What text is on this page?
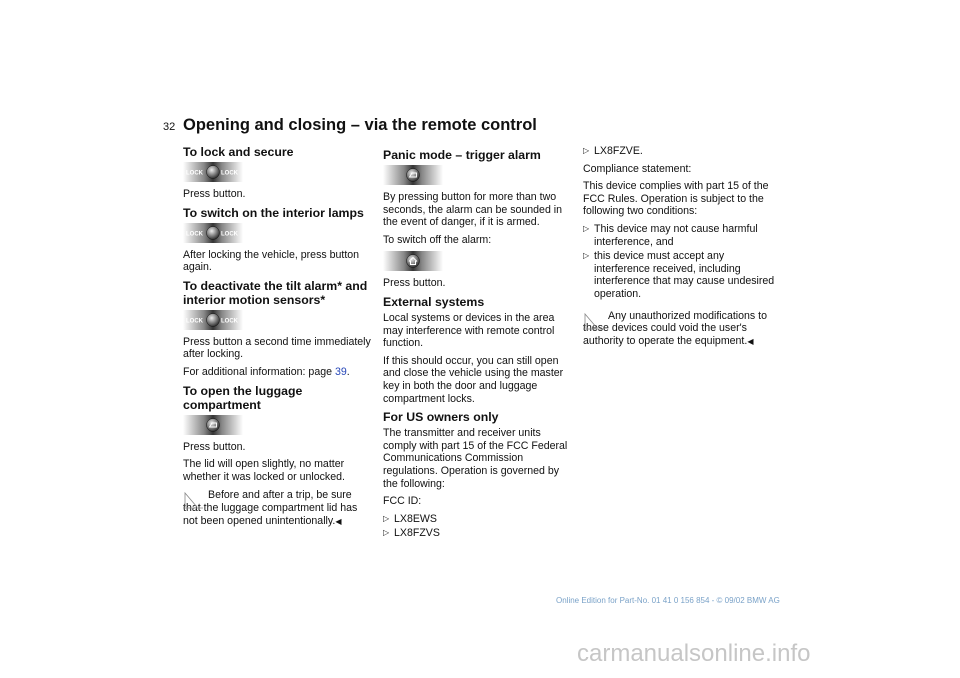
32 Opening and closing – via the remote control
To lock and secure
LOCK	LOCK

Press button.

To switch on the interior lamps
LOCK	LOCK

After locking the vehicle, press button again.

To deactivate the tilt alarm* and interior motion sensors*
LOCK	LOCK

Press button a second time immediately after locking.

For additional information: page 39.

To open the luggage compartment

Press button.

The lid will open slightly, no matter whether it was locked or unlocked.

Before and after a trip, be sure that the luggage compartment lid has not been opened unintentionally.◀

Panic mode – trigger alarm

By pressing button for more than two seconds, the alarm can be sounded in the event of danger, if it is armed.

To switch off the alarm:

Press button.

External systems

Local systems or devices in the area may interference with remote control function.

If this should occur, you can still open and close the vehicle using the master key in both the door and luggage compartment locks.

For US owners only

The transmitter and receiver units comply with part 15 of the FCC Federal Communications Commission regulations. Operation is governed by the following:

FCC ID:

▷ LX8EWS
▷ LX8FZVS
▷ LX8FZVE.

Compliance statement:

This device complies with part 15 of the FCC Rules. Operation is subject to the following two conditions:

▷ This device may not cause harmful interference, and
▷ this device must accept any interference received, including interference that may cause undesired operation.

Any unauthorized modifications to these devices could void the user's authority to operate the equipment.◀

Online Edition for Part-No. 01 41 0 156 854 - © 09/02 BMW AG
carmanualsonline.info
